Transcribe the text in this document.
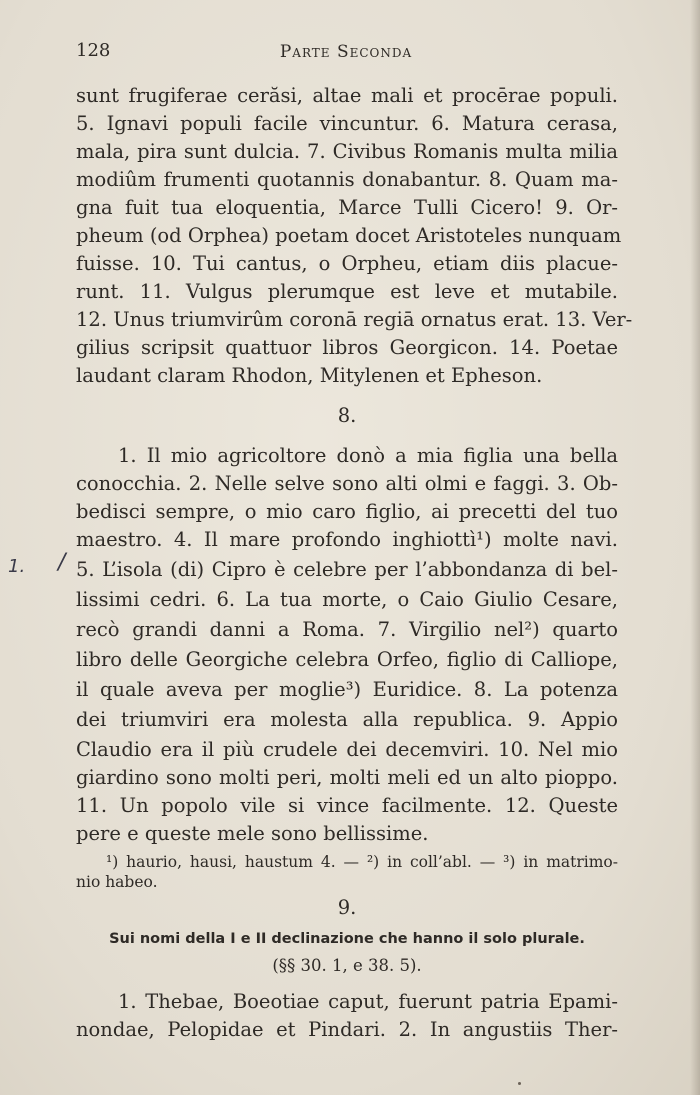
128	Parte Seconda
sunt frugiferae cerăsi, altae mali et procērae populi.
5. Ignavi populi facile vincuntur. 6. Matura cerasa,
mala, pira sunt dulcia. 7. Civibus Romanis multa milia
modiûm frumenti quotannis donabantur. 8. Quam ma-
gna fuit tua eloquentia, Marce Tulli Cicero! 9. Or-
pheum (od Orphea) poetam docet Aristoteles nunquam
fuisse. 10. Tui cantus, o Orpheu, etiam diis placue-
runt. 11. Vulgus plerumque est leve et mutabile.
12. Unus triumvirûm coronā regiā ornatus erat. 13. Ver-
gilius scripsit quattuor libros Georgicon. 14. Poetae
laudant claram Rhodon, Mitylenen et Epheson.
8.
1. Il mio agricoltore donò a mia figlia una bella
conocchia. 2. Nelle selve sono alti olmi e faggi. 3. Ob-
bedisci sempre, o mio caro figlio, ai precetti del tuo
maestro. 4. Il mare profondo inghiottì¹) molte navi.
5. L’isola (di) Cipro è celebre per l’abbondanza di bel-
lissimi cedri. 6. La tua morte, o Caio Giulio Cesare,
recò grandi danni a Roma. 7. Virgilio nel²) quarto
libro delle Georgiche celebra Orfeo, figlio di Calliope,
il quale aveva per moglie³) Euridice. 8. La potenza
dei triumviri era molesta alla republica. 9. Appio
Claudio era il più crudele dei decemviri. 10. Nel mio
giardino sono molti peri, molti meli ed un alto pioppo.
11. Un popolo vile si vince facilmente. 12. Queste
pere e queste mele sono bellissime.
¹) haurio, hausi, haustum 4. — ²) in coll’abl. — ³) in matrimo-
nio habeo.
1. /
9.
Sui nomi della I e II declinazione che hanno il solo plurale.
(§§ 30. 1, e 38. 5).
1. Thebae, Boeotiae caput, fuerunt patria Epami-
nondae, Pelopidae et Pindari. 2. In angustiis Ther-
